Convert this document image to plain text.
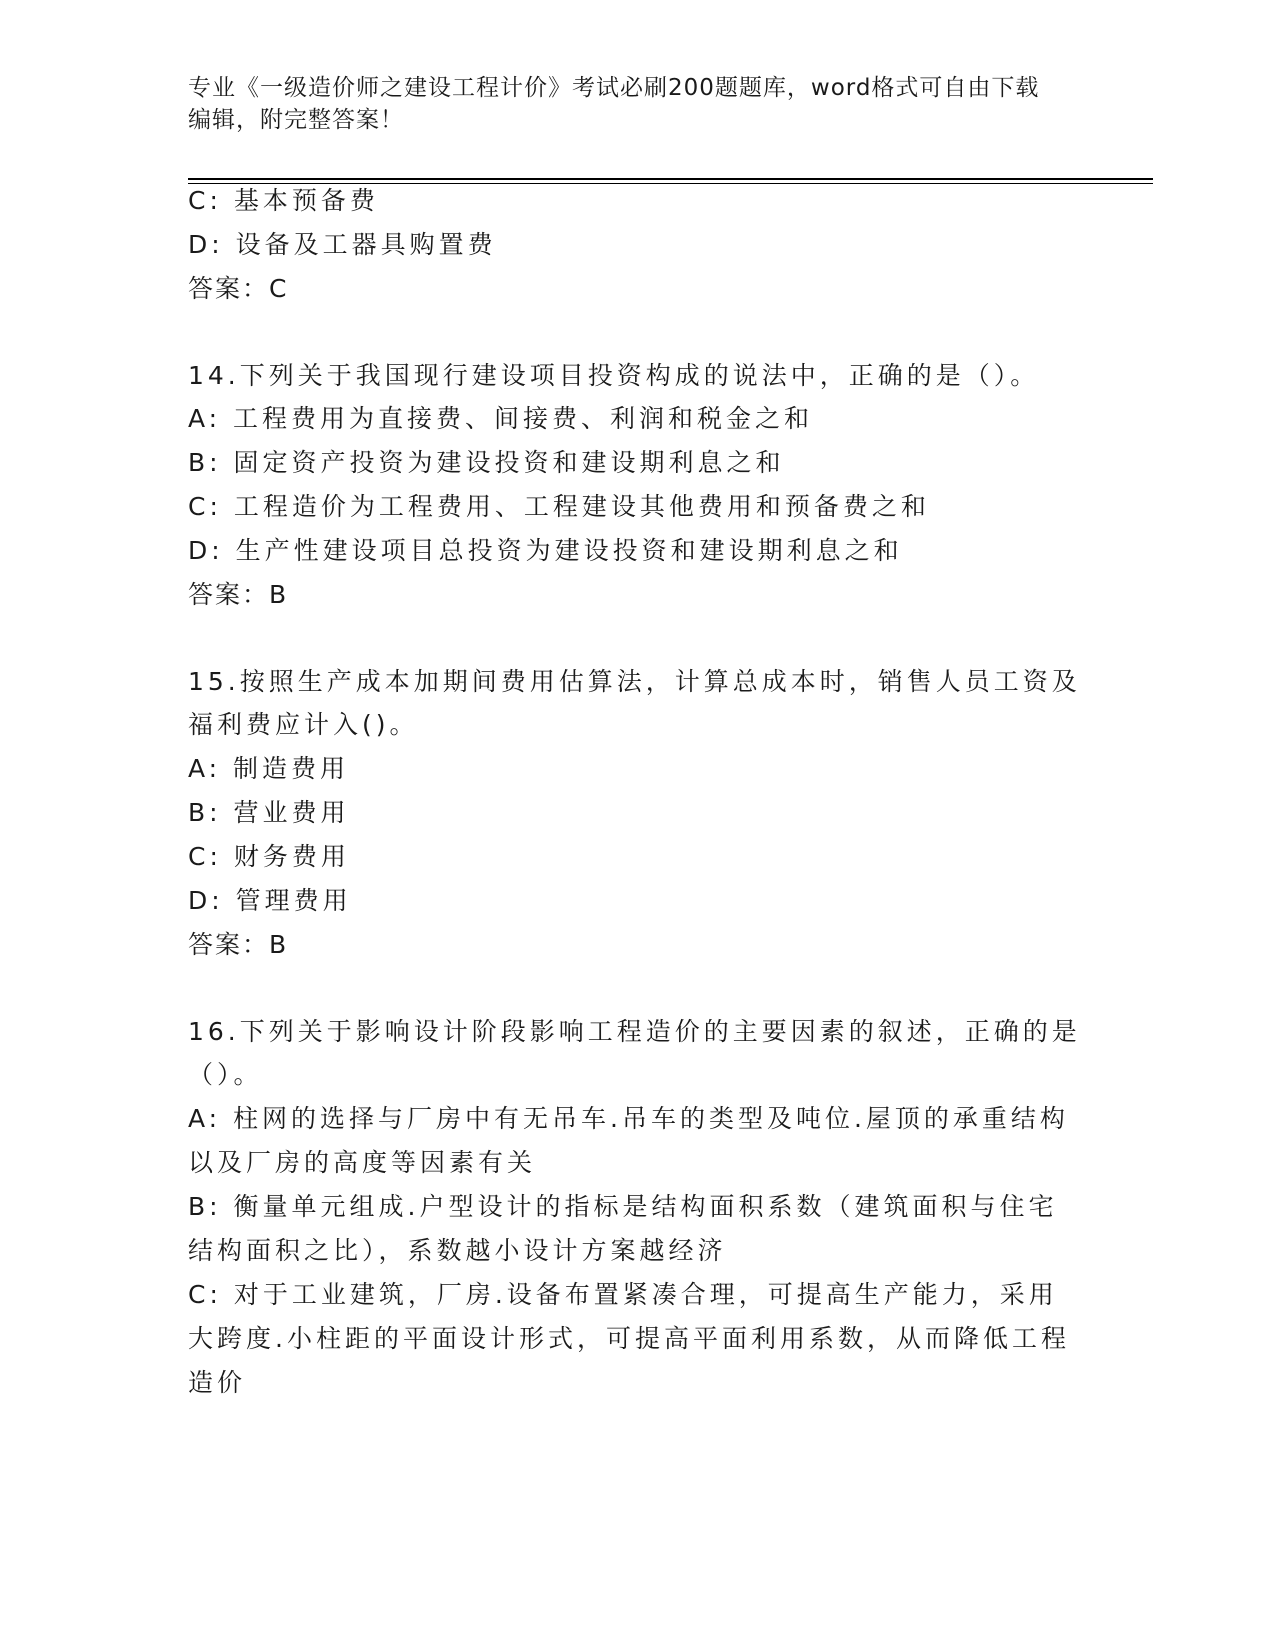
专业《一级造价师之建设工程计价》考试必刷200题题库，word格式可自由下载
编辑，附完整答案！
C: 基本预备费
D: 设备及工器具购置费
答案：C
14.下列关于我国现行建设项目投资构成的说法中，正确的是（）。
A: 工程费用为直接费、间接费、利润和税金之和
B: 固定资产投资为建设投资和建设期利息之和
C: 工程造价为工程费用、工程建设其他费用和预备费之和
D: 生产性建设项目总投资为建设投资和建设期利息之和
答案：B
15.按照生产成本加期间费用估算法，计算总成本时，销售人员工资及
福利费应计入()。
A: 制造费用
B: 营业费用
C: 财务费用
D: 管理费用
答案：B
16.下列关于影响设计阶段影响工程造价的主要因素的叙述，正确的是
（）。
A: 柱网的选择与厂房中有无吊车.吊车的类型及吨位.屋顶的承重结构
以及厂房的高度等因素有关
B: 衡量单元组成.户型设计的指标是结构面积系数（建筑面积与住宅
结构面积之比），系数越小设计方案越经济
C: 对于工业建筑，厂房.设备布置紧凑合理，可提高生产能力，采用
大跨度.小柱距的平面设计形式，可提高平面利用系数，从而降低工程
造价
